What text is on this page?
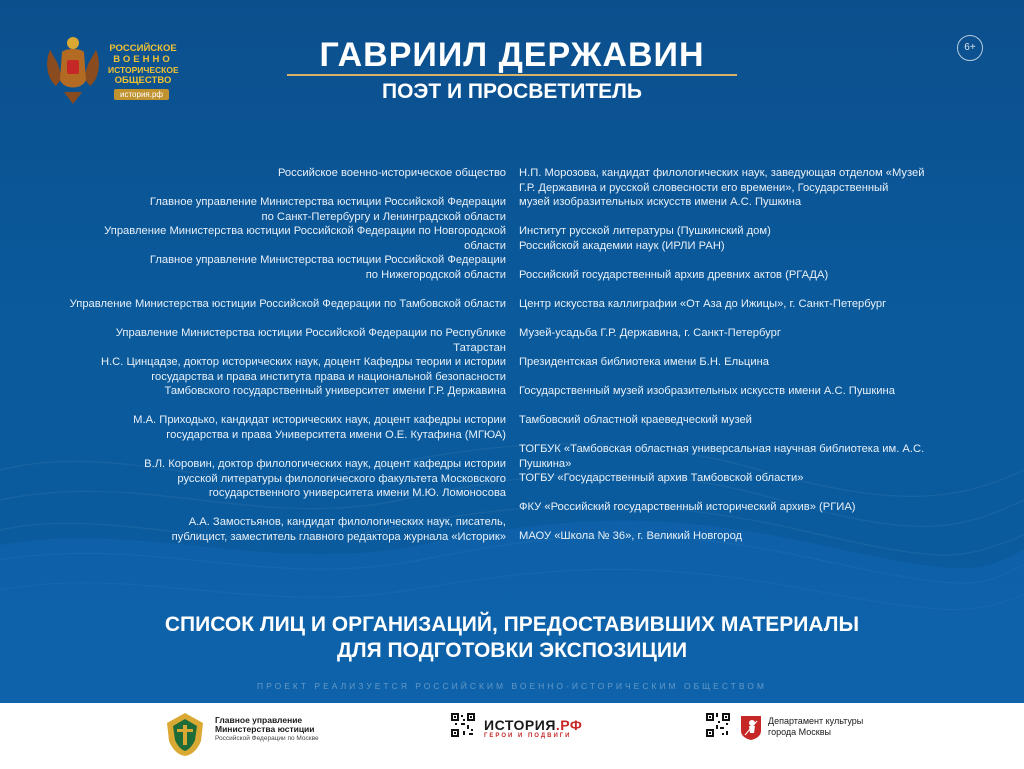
РОССИЙСКОЕ
ВОЕННО
ИСТОРИЧЕСКОЕ
ОБЩЕСТВО
история.рф
ГАВРИИЛ ДЕРЖАВИН
ПОЭТ И ПРОСВЕТИТЕЛЬ
6+

Российское военно-историческое общество

Главное управление Министерства юстиции Российской Федерации
по Санкт-Петербургу и Ленинградской области

Управление Министерства юстиции Российской Федерации по Новгородской области

Главное управление Министерства юстиции Российской Федерации
по Нижегородской области

Управление Министерства юстиции Российской Федерации по Тамбовской области

Управление Министерства юстиции Российской Федерации по Республике Татарстан

Н.С. Цинцадзе, доктор исторических наук, доцент Кафедры теории и истории
государства и права института права и национальной безопасности
Тамбовского государственный университет имени Г.Р. Державина

М.А. Приходько, кандидат исторических наук, доцент кафедры истории
государства и права Университета имени О.Е. Кутафина (МГЮА)

В.Л. Коровин, доктор филологических наук, доцент кафедры истории
русской литературы филологического факультета Московского
государственного университета имени М.Ю. Ломоносова

А.А. Замостьянов, кандидат филологических наук, писатель,
публицист, заместитель главного редактора журнала «Историк»

Н.П. Морозова, кандидат филологических наук, заведующая отделом «Музей
Г.Р. Державина и русской словесности его времени», Государственный
музей изобразительных искусств имени А.С. Пушкина

Институт русской литературы (Пушкинский дом)
Российской академии наук (ИРЛИ РАН)

Российский государственный архив древних актов (РГАДА)

Центр искусства каллиграфии «От Аза до Ижицы», г. Санкт-Петербург

Музей-усадьба Г.Р. Державина, г. Санкт-Петербург

Президентская библиотека имени Б.Н. Ельцина

Государственный музей изобразительных искусств имени А.С. Пушкина

Тамбовский областной краеведческий музей

ТОГБУК «Тамбовская областная универсальная научная библиотека им. А.С. Пушкина»

ТОГБУ «Государственный архив Тамбовской области»

ФКУ «Российский государственный исторический архив» (РГИА)

МАОУ «Школа № 36», г. Великий Новгород

СПИСОК ЛИЦ И ОРГАНИЗАЦИЙ, ПРЕДОСТАВИВШИХ МАТЕРИАЛЫ
ДЛЯ ПОДГОТОВКИ ЭКСПОЗИЦИИ
ПРОЕКТ РЕАЛИЗУЕТСЯ РОССИЙСКИМ ВОЕННО-ИСТОРИЧЕСКИМ ОБЩЕСТВОМ
Главное управление Министерства юстиции
Российской Федерации по Москве
ИСТОРИЯ.РФ
ГЕРОИ И ПОДВИГИ
Департамент культуры города Москвы
